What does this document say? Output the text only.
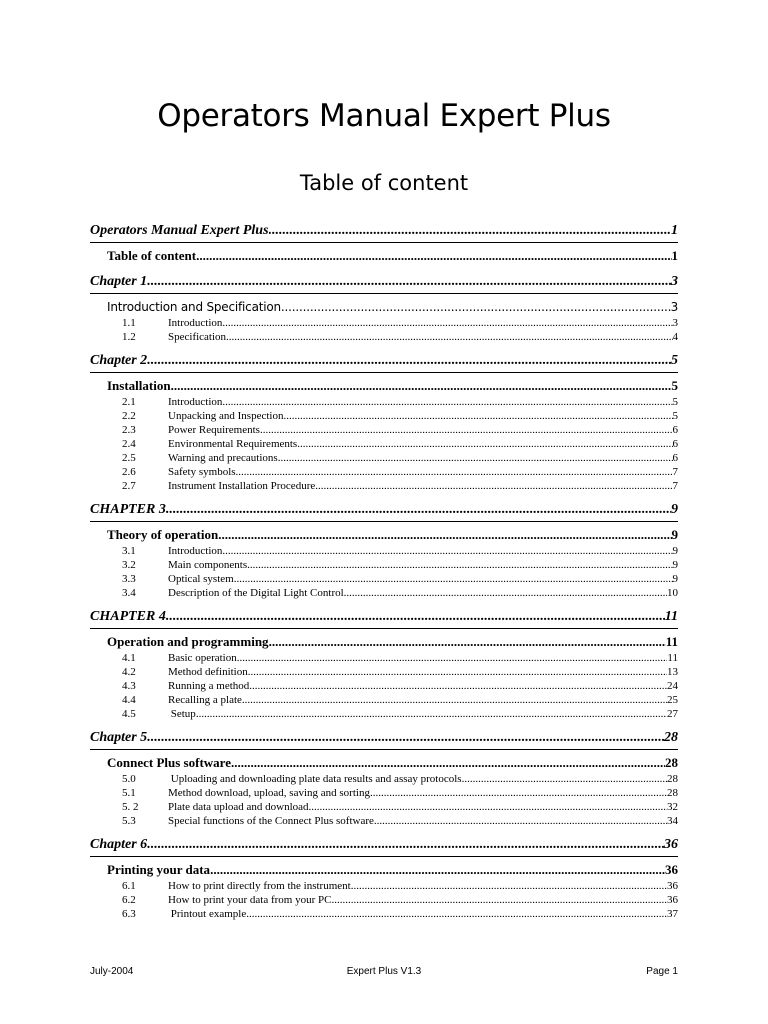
Operators Manual Expert Plus
Table of content
Operators Manual Expert Plus .....	1
Table of content .....	1
Chapter 1 .....	3
Introduction and Specification .....	3
1.1	Introduction .....	3
1.2	Specification .....	4
Chapter 2 .....	5
Installation .....	5
2.1	Introduction .....	5
2.2	Unpacking and Inspection .....	5
2.3	Power Requirements .....	6
2.4	Environmental Requirements .....	6
2.5	Warning and precautions .....	6
2.6	Safety symbols .....	7
2.7	Instrument Installation Procedure .....	7
CHAPTER 3 .....	9
Theory of operation .....	9
3.1	Introduction .....	9
3.2	Main components .....	9
3.3	Optical system .....	9
3.4	Description of the Digital Light Control .....	10
CHAPTER 4 .....	11
Operation and programming .....	11
4.1	Basic operation .....	11
4.2	Method definition .....	13
4.3	Running a method .....	24
4.4	Recalling a plate .....	25
4.5	Setup .....	27
Chapter 5 .....	28
Connect Plus software .....	28
5.0	Uploading and downloading plate data results and assay protocols .....	28
5.1	Method download, upload, saving and sorting .....	28
5. 2	Plate data upload and download .....	32
5.3	Special functions of the Connect Plus software .....	34
Chapter 6 .....	36
Printing your data .....	36
6.1	How to print directly from the instrument .....	36
6.2	How to print your data from your PC .....	36
6.3	Printout example .....	37
July-2004	Expert Plus V1.3	Page 1
